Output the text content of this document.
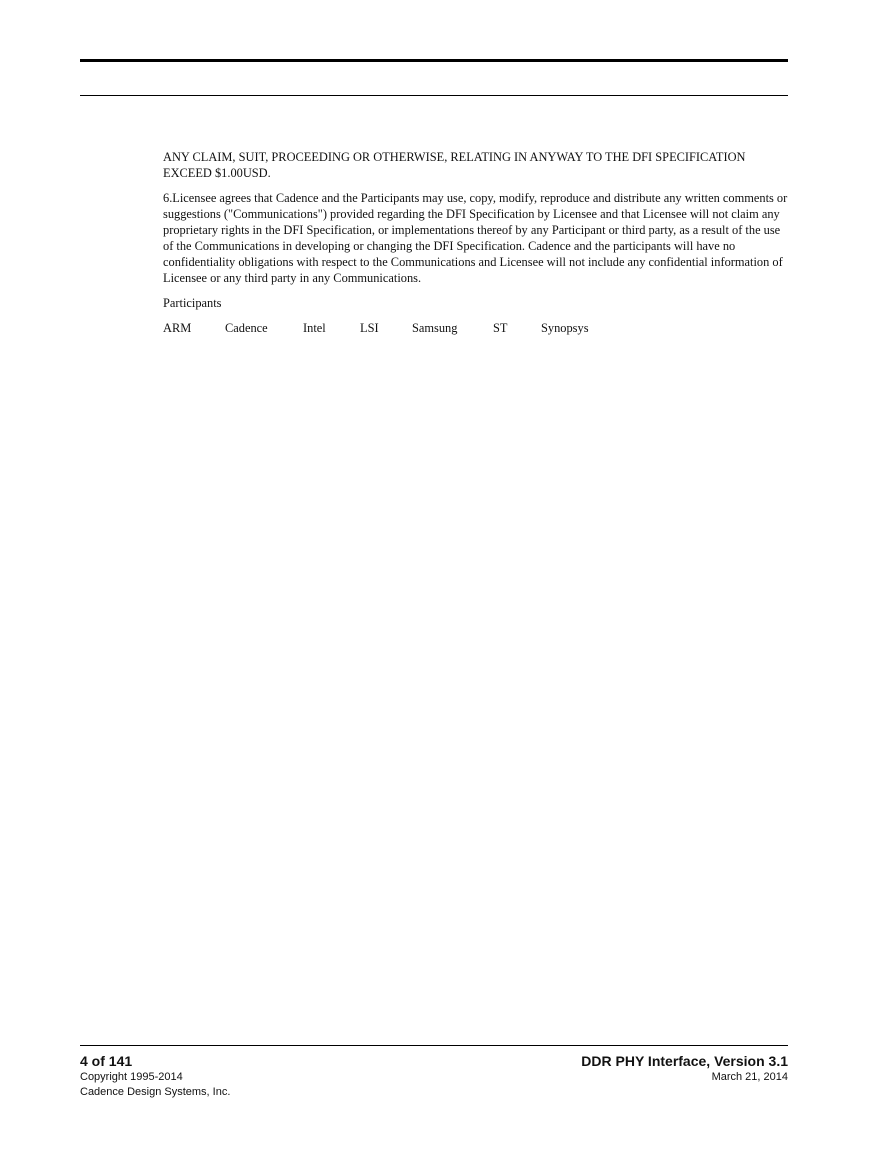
ANY CLAIM, SUIT, PROCEEDING OR OTHERWISE, RELATING IN ANYWAY TO THE DFI SPECIFICATION EXCEED $1.00USD.

6.Licensee agrees that Cadence and the Participants may use, copy, modify, reproduce and distribute any written comments or suggestions ("Communications") provided regarding the DFI Specification by Licensee and that Licensee will not claim any proprietary rights in the DFI Specification, or implementations thereof by any Participant or third party, as a result of the use of the Communications in developing or changing the DFI Specification. Cadence and the participants will have no confidentiality obligations with respect to the Communications and Licensee will not include any confidential information of Licensee or any third party in any Communications.

Participants

ARM	Cadence	Intel	LSI	Samsung	ST	Synopsys
4 of 141
Copyright 1995-2014
Cadence Design Systems, Inc.
DDR PHY Interface, Version 3.1
March 21, 2014
